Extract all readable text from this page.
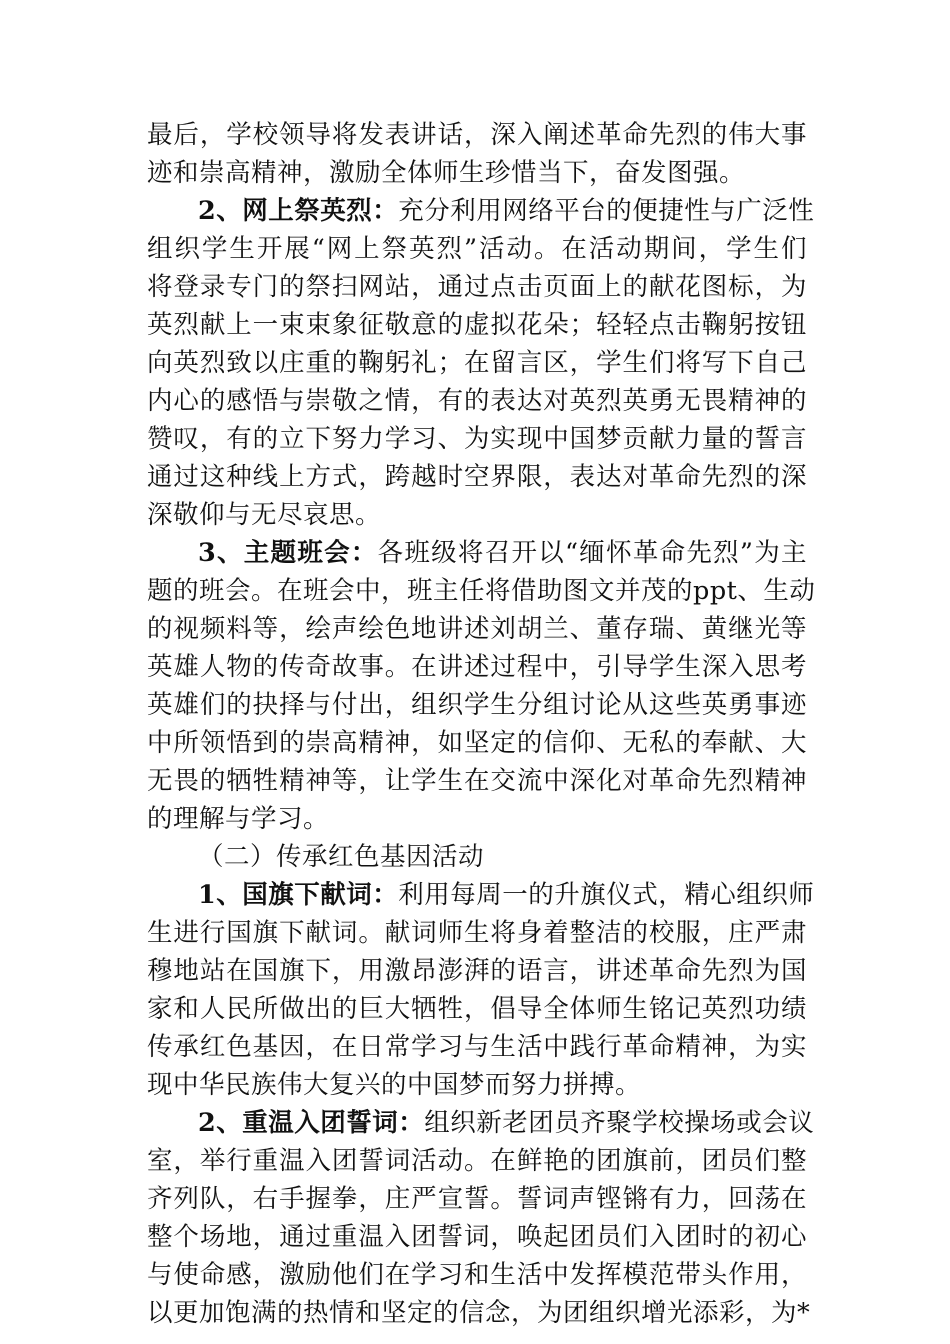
最后，学校领导将发表讲话，深入阐述革命先烈的伟大事
迹和崇高精神，激励全体师生珍惜当下，奋发图强。
2、网上祭英烈：充分利用网络平台的便捷性与广泛性
组织学生开展“网上祭英烈”活动。在活动期间，学生们
将登录专门的祭扫网站，通过点击页面上的献花图标，为
英烈献上一束束象征敬意的虚拟花朵；轻轻点击鞠躬按钮
向英烈致以庄重的鞠躬礼；在留言区，学生们将写下自己
内心的感悟与崇敬之情，有的表达对英烈英勇无畏精神的
赞叹，有的立下努力学习、为实现中国梦贡献力量的誓言
通过这种线上方式，跨越时空界限，表达对革命先烈的深
深敬仰与无尽哀思。
3、主题班会：各班级将召开以“缅怀革命先烈”为主
题的班会。在班会中，班主任将借助图文并茂的ppt、生动
的视频料等，绘声绘色地讲述刘胡兰、董存瑞、黄继光等
英雄人物的传奇故事。在讲述过程中，引导学生深入思考
英雄们的抉择与付出，组织学生分组讨论从这些英勇事迹
中所领悟到的崇高精神，如坚定的信仰、无私的奉献、大
无畏的牺牲精神等，让学生在交流中深化对革命先烈精神
的理解与学习。
（二）传承红色基因活动
1、国旗下献词：利用每周一的升旗仪式，精心组织师
生进行国旗下献词。献词师生将身着整洁的校服，庄严肃
穆地站在国旗下，用激昂澎湃的语言，讲述革命先烈为国
家和人民所做出的巨大牺牲，倡导全体师生铭记英烈功绩
传承红色基因，在日常学习与生活中践行革命精神，为实
现中华民族伟大复兴的中国梦而努力拼搏。
2、重温入团誓词：组织新老团员齐聚学校操场或会议
室，举行重温入团誓词活动。在鲜艳的团旗前，团员们整
齐列队，右手握拳，庄严宣誓。誓词声铿锵有力，回荡在
整个场地，通过重温入团誓词，唤起团员们入团时的初心
与使命感，激励他们在学习和生活中发挥模范带头作用，
以更加饱满的热情和坚定的信念，为团组织增光添彩，为*
